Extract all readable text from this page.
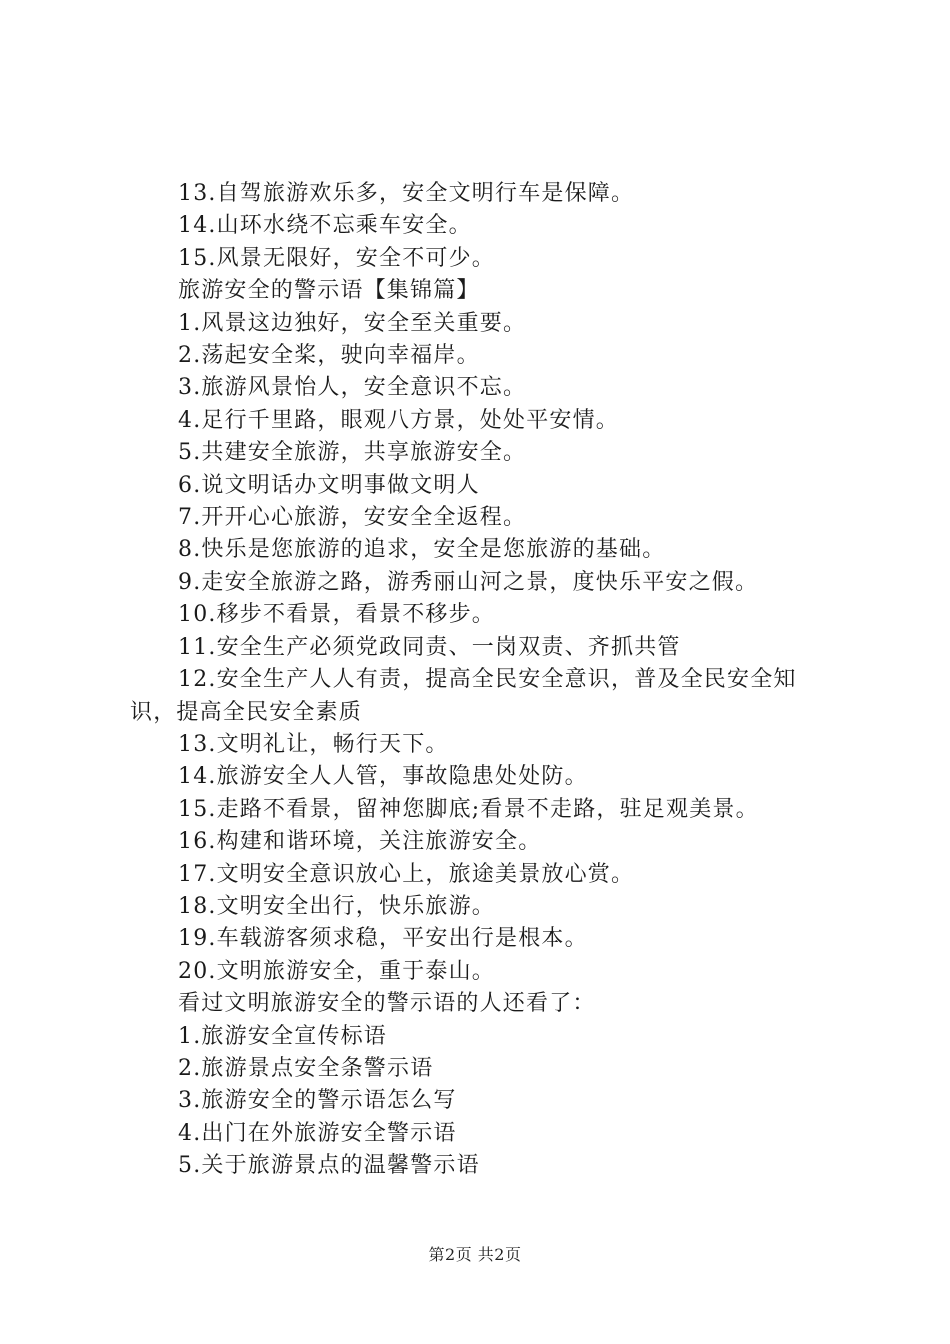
13.自驾旅游欢乐多，安全文明行车是保障。
14.山环水绕不忘乘车安全。
15.风景无限好，安全不可少。
旅游安全的警示语【集锦篇】
1.风景这边独好，安全至关重要。
2.荡起安全桨，驶向幸福岸。
3.旅游风景怡人，安全意识不忘。
4.足行千里路，眼观八方景，处处平安情。
5.共建安全旅游，共享旅游安全。
6.说文明话办文明事做文明人
7.开开心心旅游，安安全全返程。
8.快乐是您旅游的追求，安全是您旅游的基础。
9.走安全旅游之路，游秀丽山河之景，度快乐平安之假。
10.移步不看景，看景不移步。
11.安全生产必须党政同责、一岗双责、齐抓共管
12.安全生产人人有责，提高全民安全意识，普及全民安全知识，提高全民安全素质
13.文明礼让，畅行天下。
14.旅游安全人人管，事故隐患处处防。
15.走路不看景，留神您脚底;看景不走路，驻足观美景。
16.构建和谐环境，关注旅游安全。
17.文明安全意识放心上，旅途美景放心赏。
18.文明安全出行，快乐旅游。
19.车载游客须求稳，平安出行是根本。
20.文明旅游安全，重于泰山。
看过文明旅游安全的警示语的人还看了：
1.旅游安全宣传标语
2.旅游景点安全条警示语
3.旅游安全的警示语怎么写
4.出门在外旅游安全警示语
5.关于旅游景点的温馨警示语
第2页 共2页
